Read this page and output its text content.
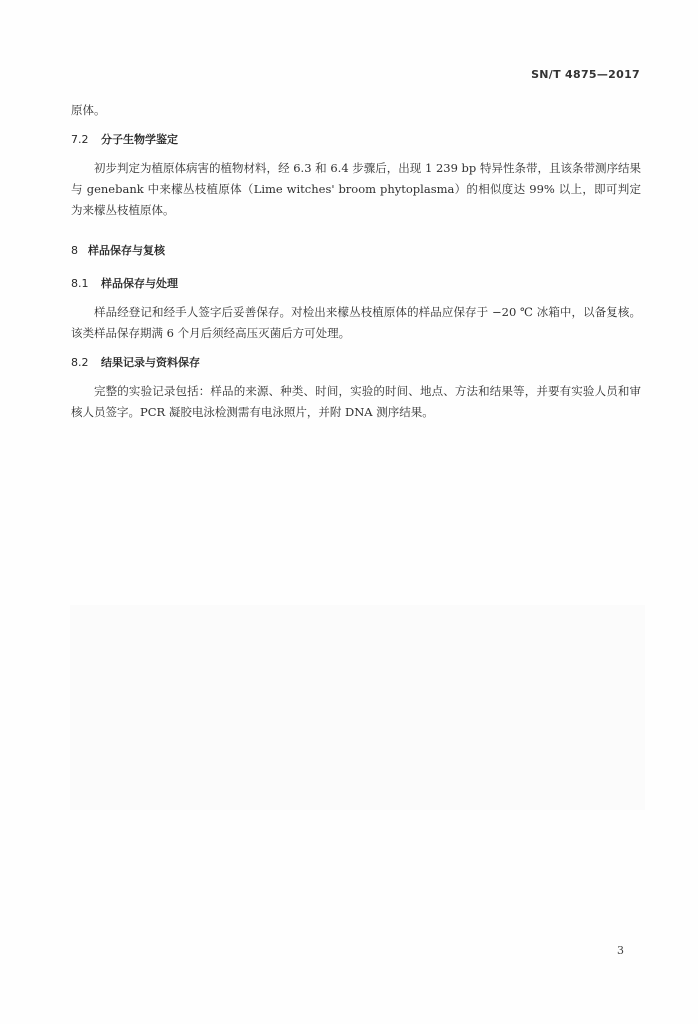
SN/T 4875—2017

原体。

7.2	分子生物学鉴定

初步判定为植原体病害的植物材料，经 6.3 和 6.4 步骤后，出现 1 239 bp 特异性条带，且该条带测序结果与 genebank 中来檬丛枝植原体（Lime witches' broom phytoplasma）的相似度达 99% 以上，即可判定为来檬丛枝植原体。

8 样品保存与复核
8.1	样品保存与处理

样品经登记和经手人签字后妥善保存。对检出来檬丛枝植原体的样品应保存于 −20 ℃ 冰箱中，以备复核。该类样品保存期满 6 个月后须经高压灭菌后方可处理。

8.2	结果记录与资料保存

完整的实验记录包括：样品的来源、种类、时间，实验的时间、地点、方法和结果等，并要有实验人员和审核人员签字。PCR 凝胶电泳检测需有电泳照片，并附 DNA 测序结果。

3
